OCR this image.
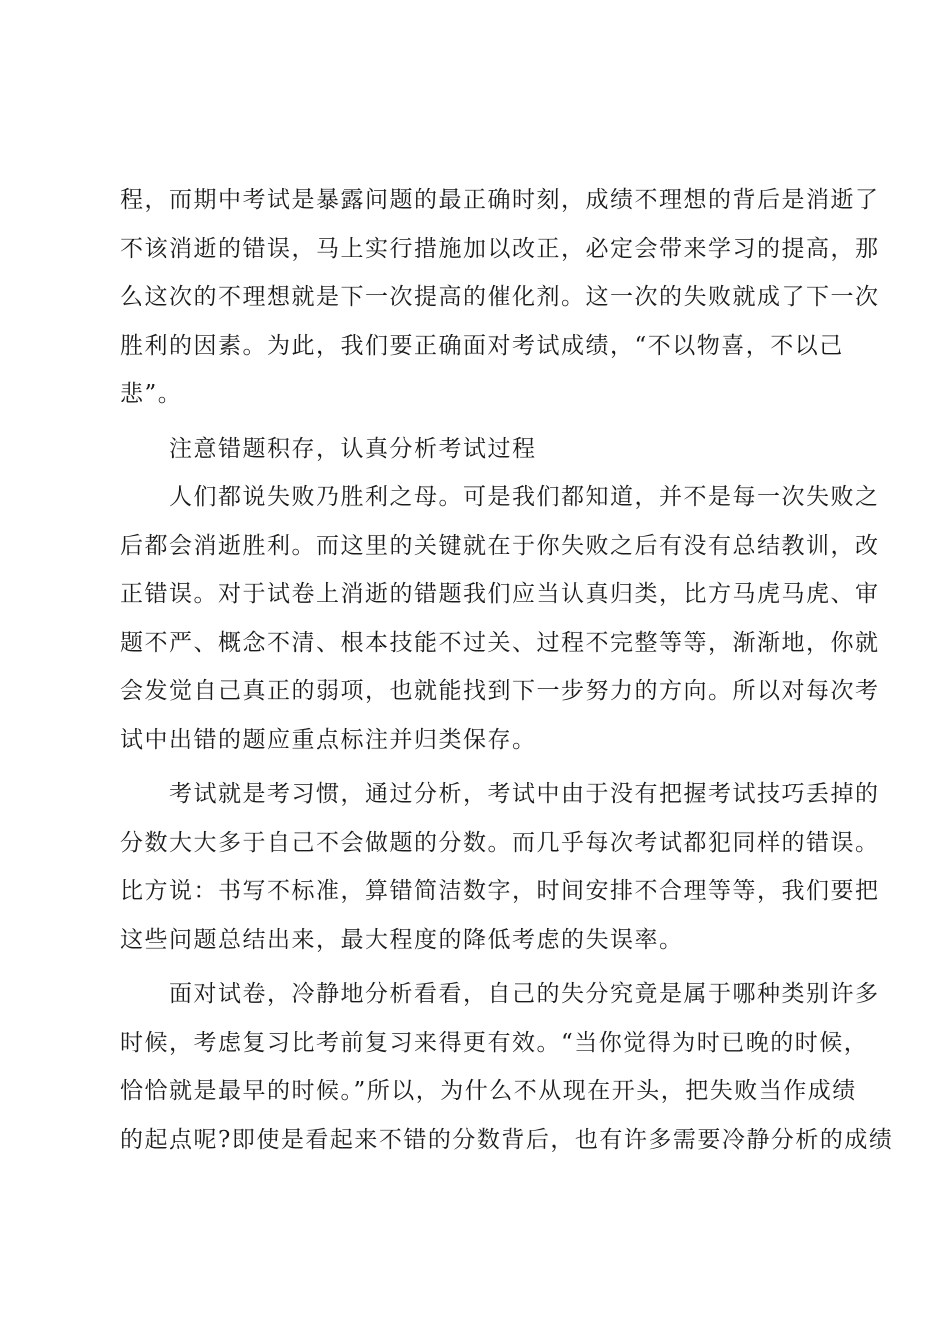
程，而期中考试是暴露问题的最正确时刻，成绩不理想的背后是消逝了
不该消逝的错误，马上实行措施加以改正，必定会带来学习的提高，那
么这次的不理想就是下一次提高的催化剂。这一次的失败就成了下一次
胜利的因素。为此，我们要正确面对考试成绩，“不以物喜，不以己
悲”。
　　注意错题积存，认真分析考试过程
　　人们都说失败乃胜利之母。可是我们都知道，并不是每一次失败之
后都会消逝胜利。而这里的关键就在于你失败之后有没有总结教训，改
正错误。对于试卷上消逝的错题我们应当认真归类，比方马虎马虎、审
题不严、概念不清、根本技能不过关、过程不完整等等，渐渐地，你就
会发觉自己真正的弱项，也就能找到下一步努力的方向。所以对每次考
试中出错的题应重点标注并归类保存。
　　考试就是考习惯，通过分析，考试中由于没有把握考试技巧丢掉的
分数大大多于自己不会做题的分数。而几乎每次考试都犯同样的错误。
比方说：书写不标准，算错简洁数字，时间安排不合理等等，我们要把
这些问题总结出来，最大程度的降低考虑的失误率。
　　面对试卷，冷静地分析看看，自己的失分究竟是属于哪种类别许多
时候，考虑复习比考前复习来得更有效。“当你觉得为时已晚的时候，
恰恰就是最早的时候。”所以，为什么不从现在开头，把失败当作成绩
的起点呢?即使是看起来不错的分数背后，也有许多需要冷静分析的成绩
